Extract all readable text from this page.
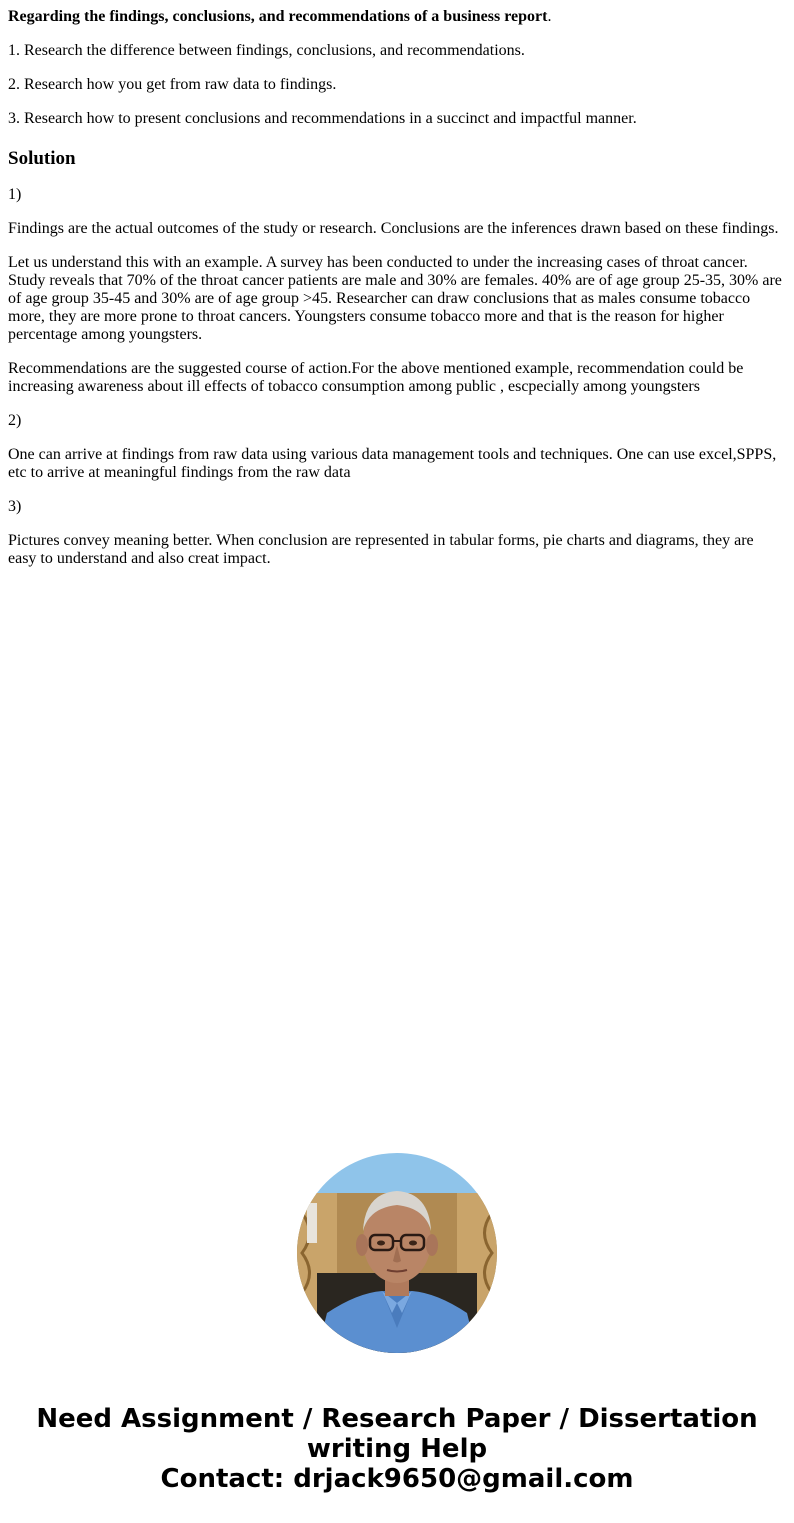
Regarding the findings, conclusions, and recommendations of a business report.

1. Research the difference between findings, conclusions, and recommendations.

2. Research how you get from raw data to findings.

3. Research how to present conclusions and recommendations in a succinct and impactful manner.

Solution

1)

Findings are the actual outcomes of the study or research. Conclusions are the inferences drawn based on these findings.

Let us understand this with an example. A survey has been conducted to under the increasing cases of throat cancer. Study reveals that 70% of the throat cancer patients are male and 30% are females. 40% are of age group 25-35, 30% are of age group 35-45 and 30% are of age group >45. Researcher can draw conclusions that as males consume tobacco more, they are more prone to throat cancers. Youngsters consume tobacco more and that is the reason for higher percentage among youngsters.

Recommendations are the suggested course of action.For the above mentioned example, recommendation could be increasing awareness about ill effects of tobacco consumption among public , escpecially among youngsters

2)

One can arrive at findings from raw data using various data management tools and techniques. One can use excel,SPPS, etc to arrive at meaningful findings from the raw data

3)

Pictures convey meaning better. When conclusion are represented in tabular forms, pie charts and diagrams, they are easy to understand and also creat impact.

Need Assignment / Research Paper / Dissertation
writing Help
Contact: drjack9650@gmail.com
